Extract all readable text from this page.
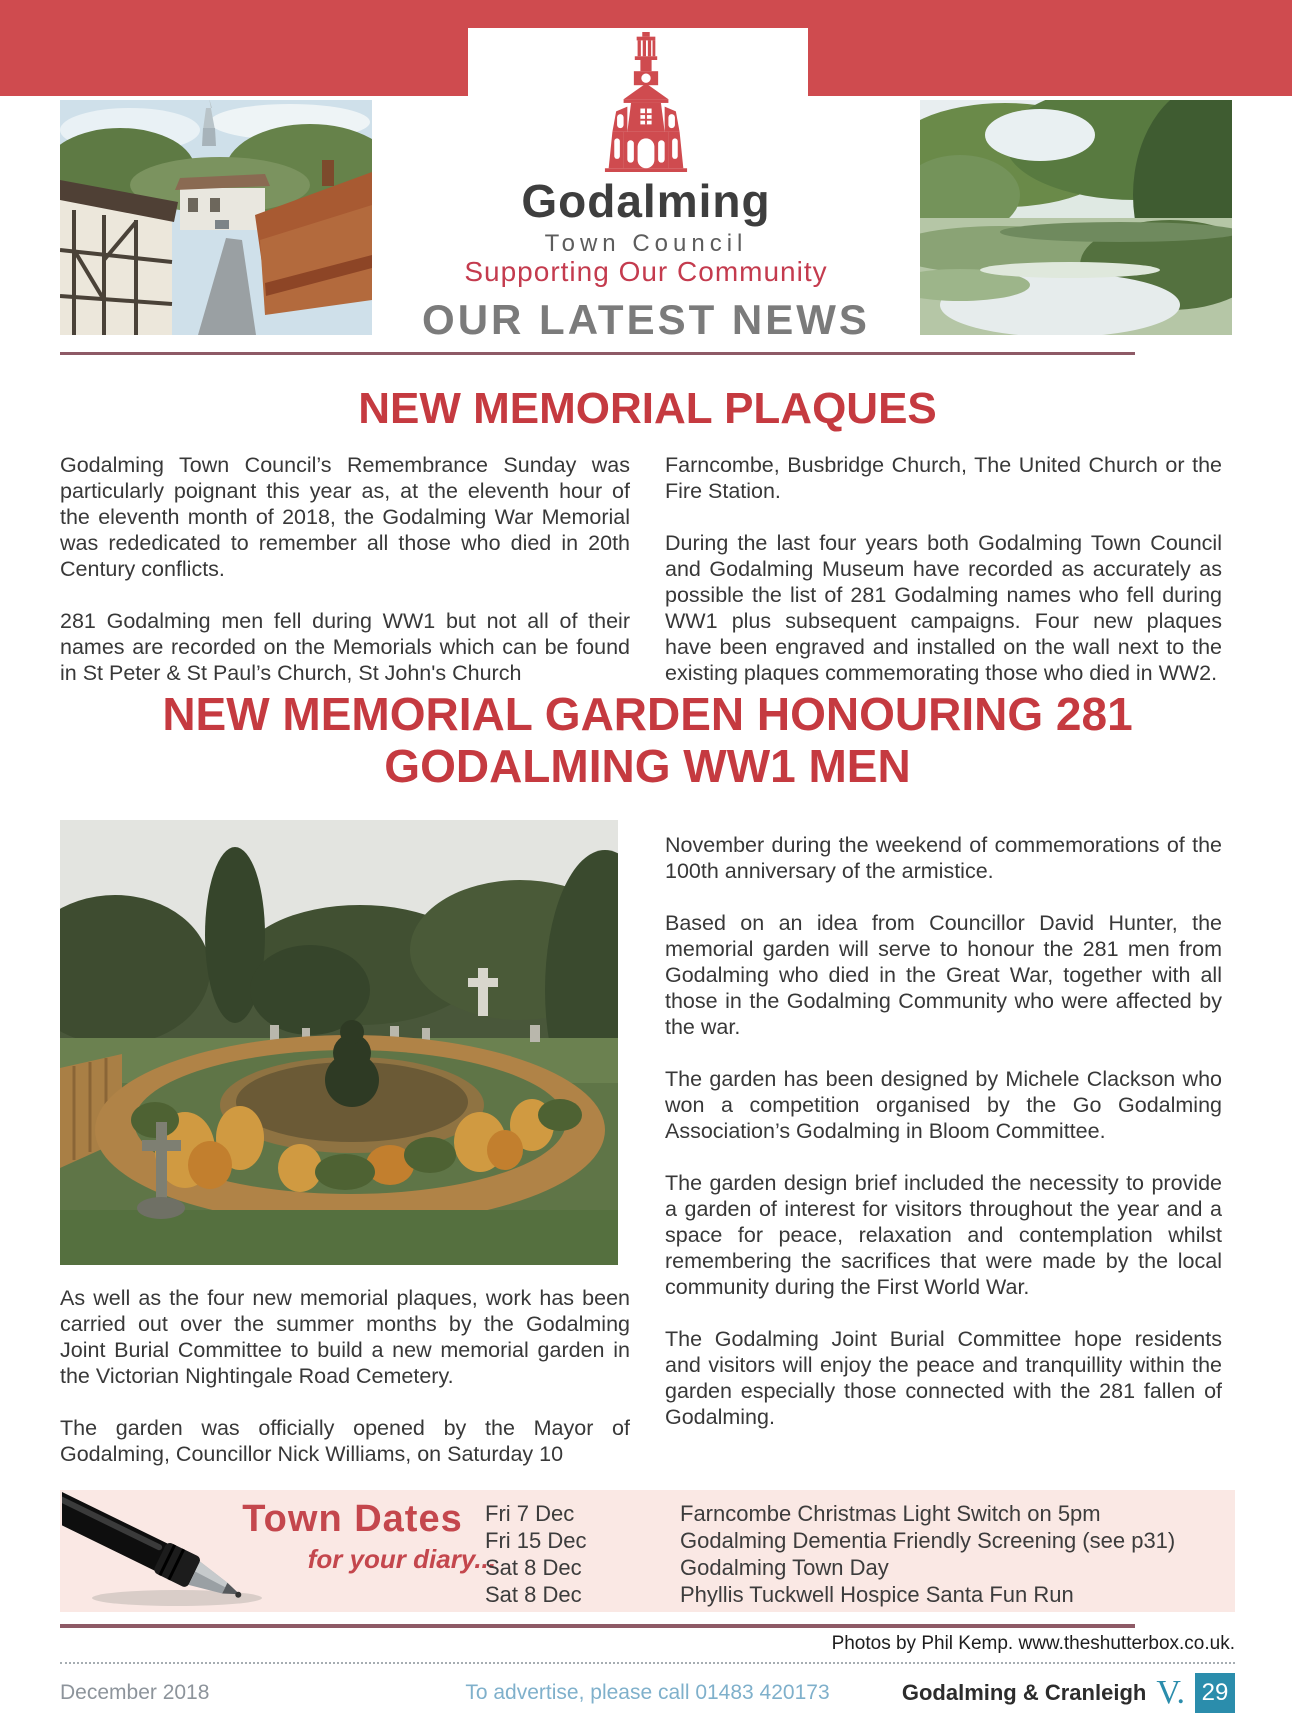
Godalming
Town Council
Supporting Our Community
OUR LATEST NEWS
NEW MEMORIAL PLAQUES

Godalming Town Council’s Remembrance Sunday was particularly poignant this year as, at the eleventh hour of the eleventh month of 2018, the Godalming War Memorial was rededicated to remember all those who died in 20th Century conflicts.

281 Godalming men fell during WW1 but not all of their names are recorded on the Memorials which can be found in St Peter & St Paul’s Church, St John's Church

Farncombe, Busbridge Church, The United Church or the Fire Station.

During the last four years both Godalming Town Council and Godalming Museum have recorded as accurately as possible the list of 281 Godalming names who fell during WW1 plus subsequent campaigns. Four new plaques have been engraved and installed on the wall next to the existing plaques commemorating those who died in WW2.

NEW MEMORIAL GARDEN HONOURING 281
GODALMING WW1 MEN

As well as the four new memorial plaques, work has been carried out over the summer months by the Godalming Joint Burial Committee to build a new memorial garden in the Victorian Nightingale Road Cemetery.

The garden was officially opened by the Mayor of Godalming, Councillor Nick Williams, on Saturday 10

November during the weekend of commemorations of the 100th anniversary of the armistice.

Based on an idea from Councillor David Hunter, the memorial garden will serve to honour the 281 men from Godalming who died in the Great War, together with all those in the Godalming Community who were affected by the war.

The garden has been designed by Michele Clackson who won a competition organised by the Go Godalming Association’s Godalming in Bloom Committee.

The garden design brief included the necessity to provide a garden of interest for visitors throughout the year and a space for peace, relaxation and contemplation whilst remembering the sacrifices that were made by the local community during the First World War.

The Godalming Joint Burial Committee hope residents and visitors will enjoy the peace and tranquillity within the garden especially those connected with the 281 fallen of Godalming.

Town Dates
for your diary...
Fri 7 Dec	Farncombe Christmas Light Switch on 5pm
Fri 15 Dec	Godalming Dementia Friendly Screening (see p31)
Sat 8 Dec	Godalming Town Day
Sat 8 Dec	Phyllis Tuckwell Hospice Santa Fun Run
Photos by Phil Kemp. www.theshutterbox.co.uk.
December 2018	To advertise, please call 01483 420173	Godalming & Cranleigh V. 29
